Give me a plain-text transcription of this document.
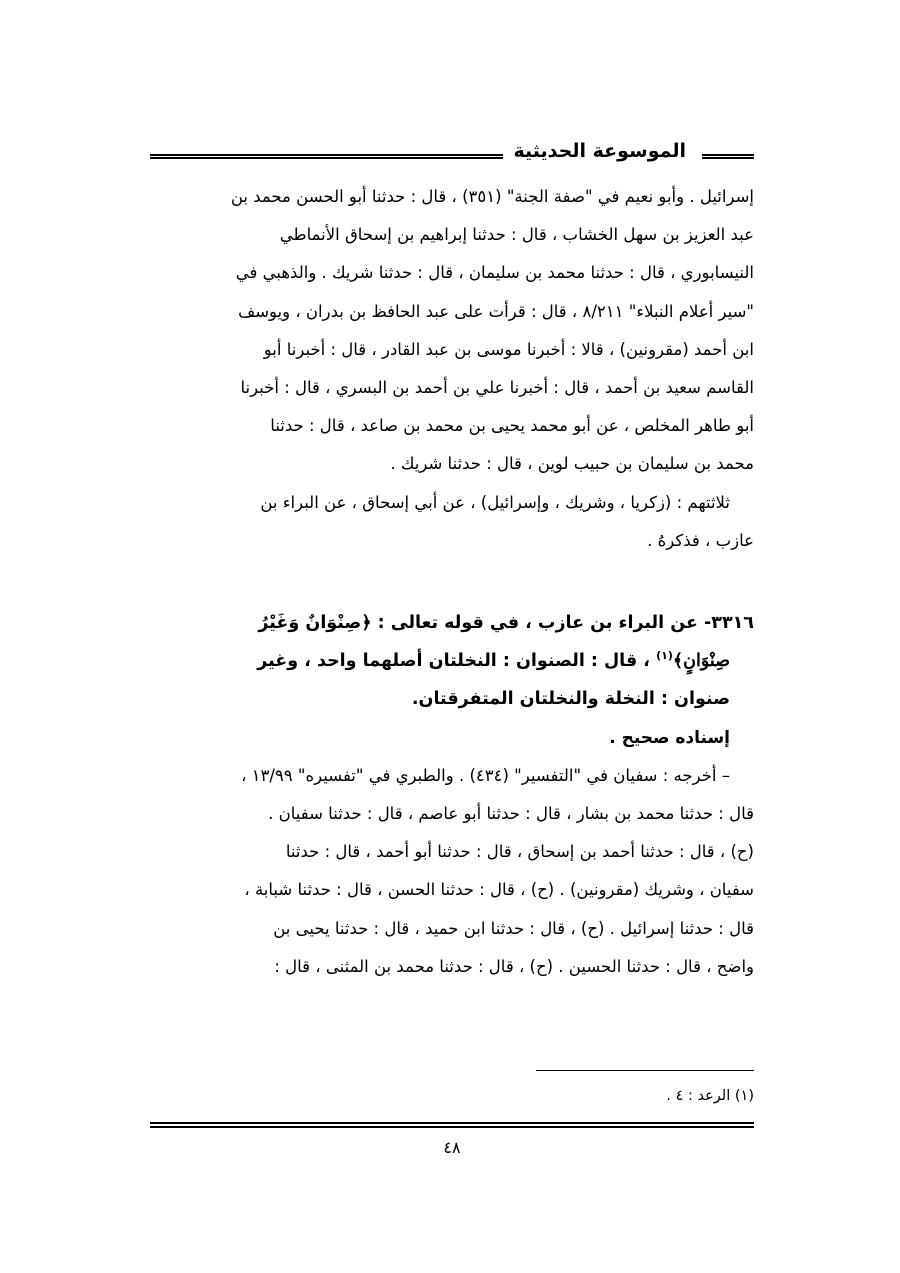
الموسوعة الحديثية

إسرائيل . وأبو نعيم في "صفة الجنة" (٣٥١) ، قال : حدثنا أبو الحسن محمد بن

عبد العزيز بن سهل الخشاب ، قال : حدثنا إبراهيم بن إسحاق الأنماطي

النيسابوري ، قال : حدثنا محمد بن سليمان ، قال : حدثنا شريك . والذهبي في

"سير أعلام النبلاء" ٨/٢١١ ، قال : قرأت على عبد الحافظ بن بدران ، ويوسف

ابن أحمد (مقرونين) ، قالا : أخبرنا موسى بن عبد القادر ، قال : أخبرنا أبو

القاسم سعيد بن أحمد ، قال : أخبرنا علي بن أحمد بن البسري ، قال : أخبرنا

أبو طاهر المخلص ، عن أبو محمد يحيى بن محمد بن صاعد ، قال : حدثنا

محمد بن سليمان بن حبيب لوين ، قال : حدثنا شريك .

ثلاثتهم : (زكريا ، وشريك ، وإسرائيل) ، عن أبي إسحاق ، عن البراء بن

عازب ، فذكرهُ .

٣٣١٦- عن البراء بن عازب ، في قوله تعالى : ﴿صِنْوَانٌ وَغَيْرُ

صِنْوَانٍ﴾$^{(١)}$ ، قال : الصنوان : النخلتان أصلهما واحد ، وغير

صنوان : النخلة والنخلتان المتفرقتان.

إسناده صحيح .

– أخرجه : سفيان في "التفسير" (٤٣٤) . والطبري في "تفسيره" ١٣/٩٩ ،

قال : حدثنا محمد بن بشار ، قال : حدثنا أبو عاصم ، قال : حدثنا سفيان .

(ح) ، قال : حدثنا أحمد بن إسحاق ، قال : حدثنا أبو أحمد ، قال : حدثنا

سفيان ، وشريك (مقرونين) . (ح) ، قال : حدثنا الحسن ، قال : حدثنا شبابة ،

قال : حدثنا إسرائيل . (ح) ، قال : حدثنا ابن حميد ، قال : حدثنا يحيى بن

واضح ، قال : حدثنا الحسين . (ح) ، قال : حدثنا محمد بن المثنى ، قال :

(١) الرعد : ٤ .
٤٨
